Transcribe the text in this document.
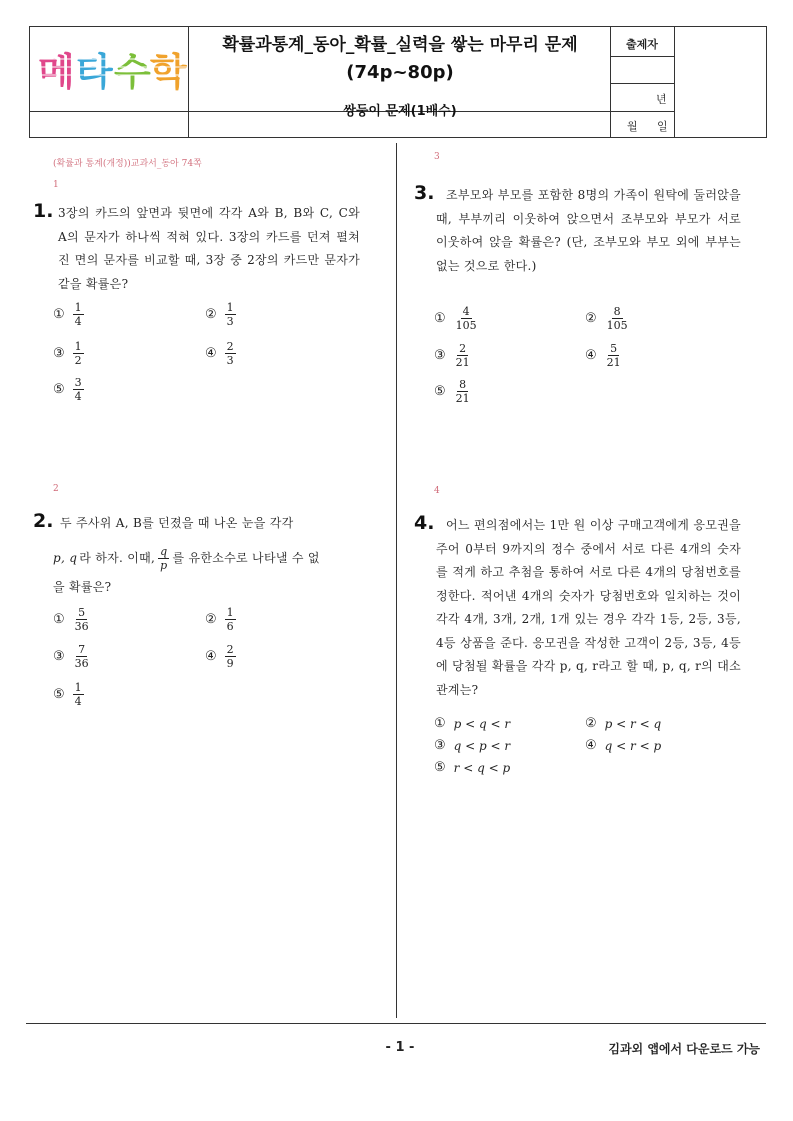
메 타 수 학
확률과통계_동아_확률_실력을 쌓는 마무리 문제
(74p~80p)
쌍둥이 문제(1배수)
출제자
년
월 일
(확률과 통계(개정))교과서_동아 74쪽
1
1. 3장의 카드의 앞면과 뒷면에 각각 A와 B, B와 C, C와 A의 문자가 하나씩 적혀 있다. 3장의 카드를 던져 펼쳐진 면의 문자를 비교할 때, 3장 중 2장의 카드만 문자가 같을 확률은?
① $\frac{1}{4}$	② $\frac{1}{3}$
③ $\frac{1}{2}$	④ $\frac{2}{3}$
⑤ $\frac{3}{4}$
2
2. 두 주사위 A, B를 던졌을 때 나온 눈을 각각
p, q 라 하자. 이때, $\frac{q}{p}$ 를 유한소수로 나타낼 수 없
을 확률은?
① $\frac{5}{36}$	② $\frac{1}{6}$
③ $\frac{7}{36}$	④ $\frac{2}{9}$
⑤ $\frac{1}{4}$
3
3. 조부모와 부모를 포함한 8명의 가족이 원탁에 둘러앉을 때, 부부끼리 이웃하여 앉으면서 조부모와 부모가 서로 이웃하여 앉을 확률은? (단, 조부모와 부모 외에 부부는 없는 것으로 한다.)
① $\frac{4}{105}$	② $\frac{8}{105}$
③ $\frac{2}{21}$	④ $\frac{5}{21}$
⑤ $\frac{8}{21}$
4
4. 어느 편의점에서는 1만 원 이상 구매고객에게 응모권을 주어 0부터 9까지의 정수 중에서 서로 다른 4개의 숫자를 적게 하고 추첨을 통하여 서로 다른 4개의 당첨번호를 정한다. 적어낸 4개의 숫자가 당첨번호와 일치하는 것이 각각 4개, 3개, 2개, 1개 있는 경우 각각 1등, 2등, 3등, 4등 상품을 준다. 응모권을 작성한 고객이 2등, 3등, 4등에 당첨될 확률을 각각 p, q, r라고 할 때, p, q, r의 대소 관계는?
① p < q < r	② p < r < q
③ q < p < r	④ q < r < p
⑤ r < q < p
- 1 -	김과외 앱에서 다운로드 가능
